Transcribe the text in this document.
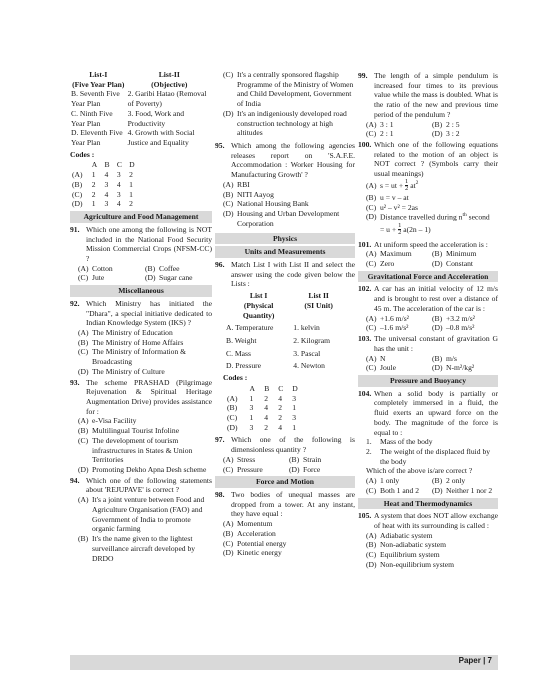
List-I	List-II
(Five Year Plan)	(Objective)
B. Seventh Five Year Plan	2. Garibi Hatao (Removal of Poverty)
C. Ninth Five Year Plan	3. Food, Work and Productivity
D. Eleventh Five Year Plan	4. Growth with Social Justice and Equality
Codes :
	A	B	C	D
(A)	1	4	3	2
(B)	2	3	4	1
(C)	2	4	3	1
(D)	1	3	4	2
Agriculture and Food Management
91. Which one among the following is NOT included in the National Food Security Mission Commercial Crops (NFSM-CC) ?
(A) Cotton	(B) Coffee
(C) Jute	(D) Sugar cane
Miscellaneous
92. Which Ministry has initiated the "Dhara", a special initiative dedicated to Indian Knowledge System (IKS) ?
(A) The Ministry of Education
(B) The Ministry of Home Affairs
(C) The Ministry of Information & Broadcasting
(D) The Ministry of Culture
93. The scheme PRASHAD (Pilgrimage Rejuvenation & Spiritual Heritage Augmentation Drive) provides assistance for :
(A) e-Visa Facility
(B) Multilingual Tourist Infoline
(C) The development of tourism infrastructures in States & Union Territories
(D) Promoting Dekho Apna Desh scheme
94. Which one of the following statements about 'REJUPAVE' is correct ?
(A) It's a joint venture between Food and Agriculture Organisation (FAO) and Government of India to promote organic farming
(B) It's the name given to the lightest surveillance aircraft developed by DRDO
(C) It's a centrally sponsored flagship Programme of the Ministry of Women and Child Development, Government of India
(D) It's an indigeniously developed road construction technology at high altitudes
95. Which among the following agencies releases report on 'S.A.F.E. Accommodation : Worker Housing for Manufacturing Growth' ?
(A) RBI
(B) NITI Aayog
(C) National Housing Bank
(D) Housing and Urban Development Corporation
Physics
Units and Measurements
96. Match List I with List II and select the answer using the code given below the Lists :
List I	List II
(Physical	(SI Unit)
Quantity)	
A. Temperature	1. kelvin
B. Weight	2. Kilogram
C. Mass	3. Pascal
D. Pressure	4. Newton
Codes :
	A	B	C	D
(A)	1	2	4	3
(B)	3	4	2	1
(C)	1	4	2	3
(D)	3	2	4	1
97. Which one of the following is dimensionless quantity ?
(A) Stress	(B) Strain
(C) Pressure	(D) Force
Force and Motion
98. Two bodies of unequal masses are dropped from a tower. At any instant, they have equal :
(A) Momentum
(B) Acceleration
(C) Potential energy
(D) Kinetic energy
99. The length of a simple pendulum is increased four times to its previous value while the mass is doubled. What is the ratio of the new and previous time period of the pendulum ?
(A) 3 : 1	(B) 2 : 5
(C) 2 : 1	(D) 3 : 2
100. Which one of the following equations related to the motion of an object is NOT correct ? (Symbols carry their usual meanings)
(A) s = ut + $\frac{1}{2} at^2$
(B) u = v – at
(C) u² – v² = 2as
(D) Distance travelled during $n^{th}$ second
= u +
$\frac{1}{2}$
a(2n – 1)
101. At uniform speed the acceleration is :
(A) Maximum	(B) Minimum
(C) Zero	(D) Constant
Gravitational Force and Acceleration
102. A car has an initial velocity of 12 m/s and is brought to rest over a distance of 45 m. The acceleration of the car is :
(A) +1.6 m/s²	(B) +3.2 m/s²
(C) –1.6 m/s²	(D) –0.8 m/s²
103. The universal constant of gravitation G has the unit :
(A) N	(B) m/s
(C) Joule	(D) N-m²/kg²
Pressure and Buoyancy
104. When a solid body is partially or completely immersed in a fluid, the fluid exerts an upward force on the body. The magnitude of the force is equal to :
1.	Mass of the body
2.	The weight of the displaced fluid by the body
Which of the above is/are correct ?
(A) 1 only	(B) 2 only
(C) Both 1 and 2 (D) Neither 1 nor 2
Heat and Thermodynamics
105. A system that does NOT allow exchange of heat with its surrounding is called :
(A) Adiabatic system
(B) Non-adiabatic system
(C) Equilibrium system
(D) Non-equilibrium system
Paper | 7
